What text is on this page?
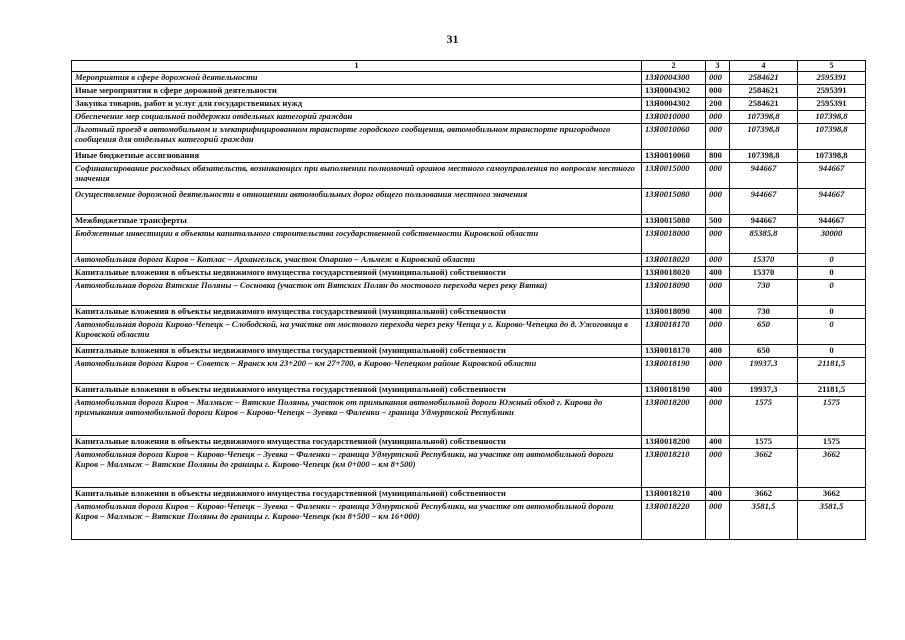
31
1	2	3	4	5
Мероприятия в сфере дорожной деятельности	13Я0004300	000	2584621	2595391
Иные мероприятия в сфере дорожной деятельности	13Я0004302	000	2584621	2595391
Закупка товаров, работ и услуг для государственных нужд	13Я0004302	200	2584621	2595391
Обеспечение мер социальной поддержки отдельных категорий граждан	13Я0010000	000	107398,8	107398,8
Льготный проезд в автомобильном и электрифицированном транспорте городского сообщения, автомобильном транспорте пригородного сообщения для отдельных категорий граждан	13Я0010060	000	107398,8	107398,8
Иные бюджетные ассигнования	13Я0010060	800	107398,8	107398,8
Софинансирование расходных обязательств, возникающих при выполнении полномочий органов местного самоуправления по вопросам местного значения	13Я0015000	000	944667	944667
Осуществление дорожной деятельности в отношении автомобильных дорог общего пользования местного значения	13Я0015080	000	944667	944667
Межбюджетные трансферты	13Я0015080	500	944667	944667
Бюджетные инвестиции в объекты капитального строительства государственной собственности Кировской области	13Я0018000	000	85385,8	30000
Автомобильная дорога Киров – Котлас – Архангельск, участок Опарино – Альмеж в Кировской области	13Я0018020	000	15370	0
Капитальные вложения в объекты недвижимого имущества государственной (муниципальной) собственности	13Я0018020	400	15370	0
Автомобильная дорога Вятские Поляны – Сосновка (участок от Вятских Полян до мостового перехода через реку Вятка)	13Я0018090	000	730	0
Капитальные вложения в объекты недвижимого имущества государственной (муниципальной) собственности	13Я0018090	400	730	0
Автомобильная дорога Кирово-Чепецк – Слободской, на участке от мостового перехода через реку Чепца у г. Кирово-Чепецка до д. Ужоговица в Кировской области	13Я0018170	000	650	0
Капитальные вложения в объекты недвижимого имущества государственной (муниципальной) собственности	13Я0018170	400	650	0
Автомобильная дорога Киров – Советск – Яранск км 23+200 – км 27+700, в Кирово-Чепецком районе Кировской области	13Я0018190	000	19937,3	21181,5
Капитальные вложения в объекты недвижимого имущества государственной (муниципальной) собственности	13Я0018190	400	19937,3	21181,5
Автомобильная дорога Киров – Малмыж – Вятские Поляны, участок от примыкания автомобильной дороги Южный обход г. Кирова до примыкания автомобильной дороги Киров – Кирово-Чепецк – Зуевка – Фаленки – граница Удмуртской Республики	13Я0018200	000	1575	1575
Капитальные вложения в объекты недвижимого имущества государственной (муниципальной) собственности	13Я0018200	400	1575	1575
Автомобильная дорога Киров – Кирово-Чепецк – Зуевка – Фаленки – граница Удмуртской Республики, на участке от автомобильной дороги Киров – Малмыж – Вятские Поляны до границы г. Кирово-Чепецк (км 0+000 – км 8+500)	13Я0018210	000	3662	3662
Капитальные вложения в объекты недвижимого имущества государственной (муниципальной) собственности	13Я0018210	400	3662	3662
Автомобильная дорога Киров – Кирово-Чепецк – Зуевка – Фаленки – граница Удмуртской Республики, на участке от автомобильной дороги Киров – Малмыж – Вятские Поляны до границы г. Кирово-Чепецк (км 8+500 – км 16+000)	13Я0018220	000	3581,5	3581,5
